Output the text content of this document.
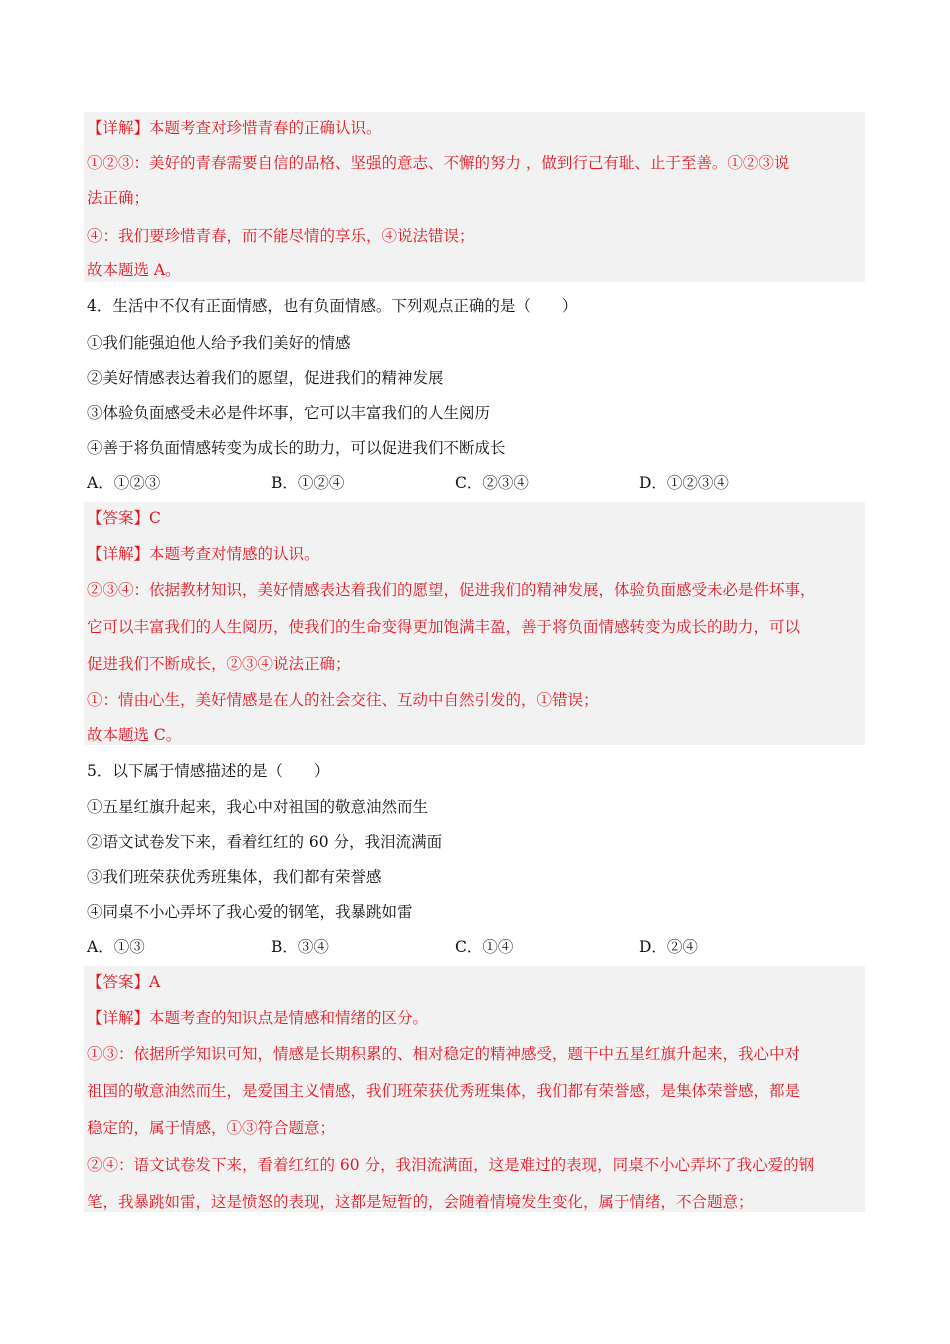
【详解】本题考查对珍惜青春的正确认识。
①②③：美好的青春需要自信的品格、坚强的意志、不懈的努力 ，做到行己有耻、止于至善。①②③说
法正确；
④：我们要珍惜青春，而不能尽情的享乐，④说法错误；
故本题选 A。
4．生活中不仅有正面情感，也有负面情感。下列观点正确的是（　　）
①我们能强迫他人给予我们美好的情感
②美好情感表达着我们的愿望，促进我们的精神发展
③体验负面感受未必是件坏事，它可以丰富我们的人生阅历
④善于将负面情感转变为成长的助力，可以促进我们不断成长
A．①②③	B．①②④	C．②③④	D．①②③④
【答案】C
【详解】本题考查对情感的认识。
②③④：依据教材知识，美好情感表达着我们的愿望，促进我们的精神发展，体验负面感受未必是件坏事，
它可以丰富我们的人生阅历，使我们的生命变得更加饱满丰盈，善于将负面情感转变为成长的助力，可以
促进我们不断成长，②③④说法正确；
①：情由心生，美好情感是在人的社会交往、互动中自然引发的，①错误；
故本题选 C。
5．以下属于情感描述的是（　　）
①五星红旗升起来，我心中对祖国的敬意油然而生
②语文试卷发下来，看着红红的 60 分，我泪流满面
③我们班荣获优秀班集体，我们都有荣誉感
④同桌不小心弄坏了我心爱的钢笔，我暴跳如雷
A．①③	B．③④	C．①④	D．②④
【答案】A
【详解】本题考查的知识点是情感和情绪的区分。
①③：依据所学知识可知，情感是长期积累的、相对稳定的精神感受，题干中五星红旗升起来，我心中对
祖国的敬意油然而生，是爱国主义情感，我们班荣获优秀班集体，我们都有荣誉感，是集体荣誉感，都是
稳定的，属于情感，①③符合题意；
②④：语文试卷发下来，看着红红的 60 分，我泪流满面，这是难过的表现，同桌不小心弄坏了我心爱的钢
笔，我暴跳如雷，这是愤怒的表现，这都是短暂的，会随着情境发生变化，属于情绪，不合题意；
